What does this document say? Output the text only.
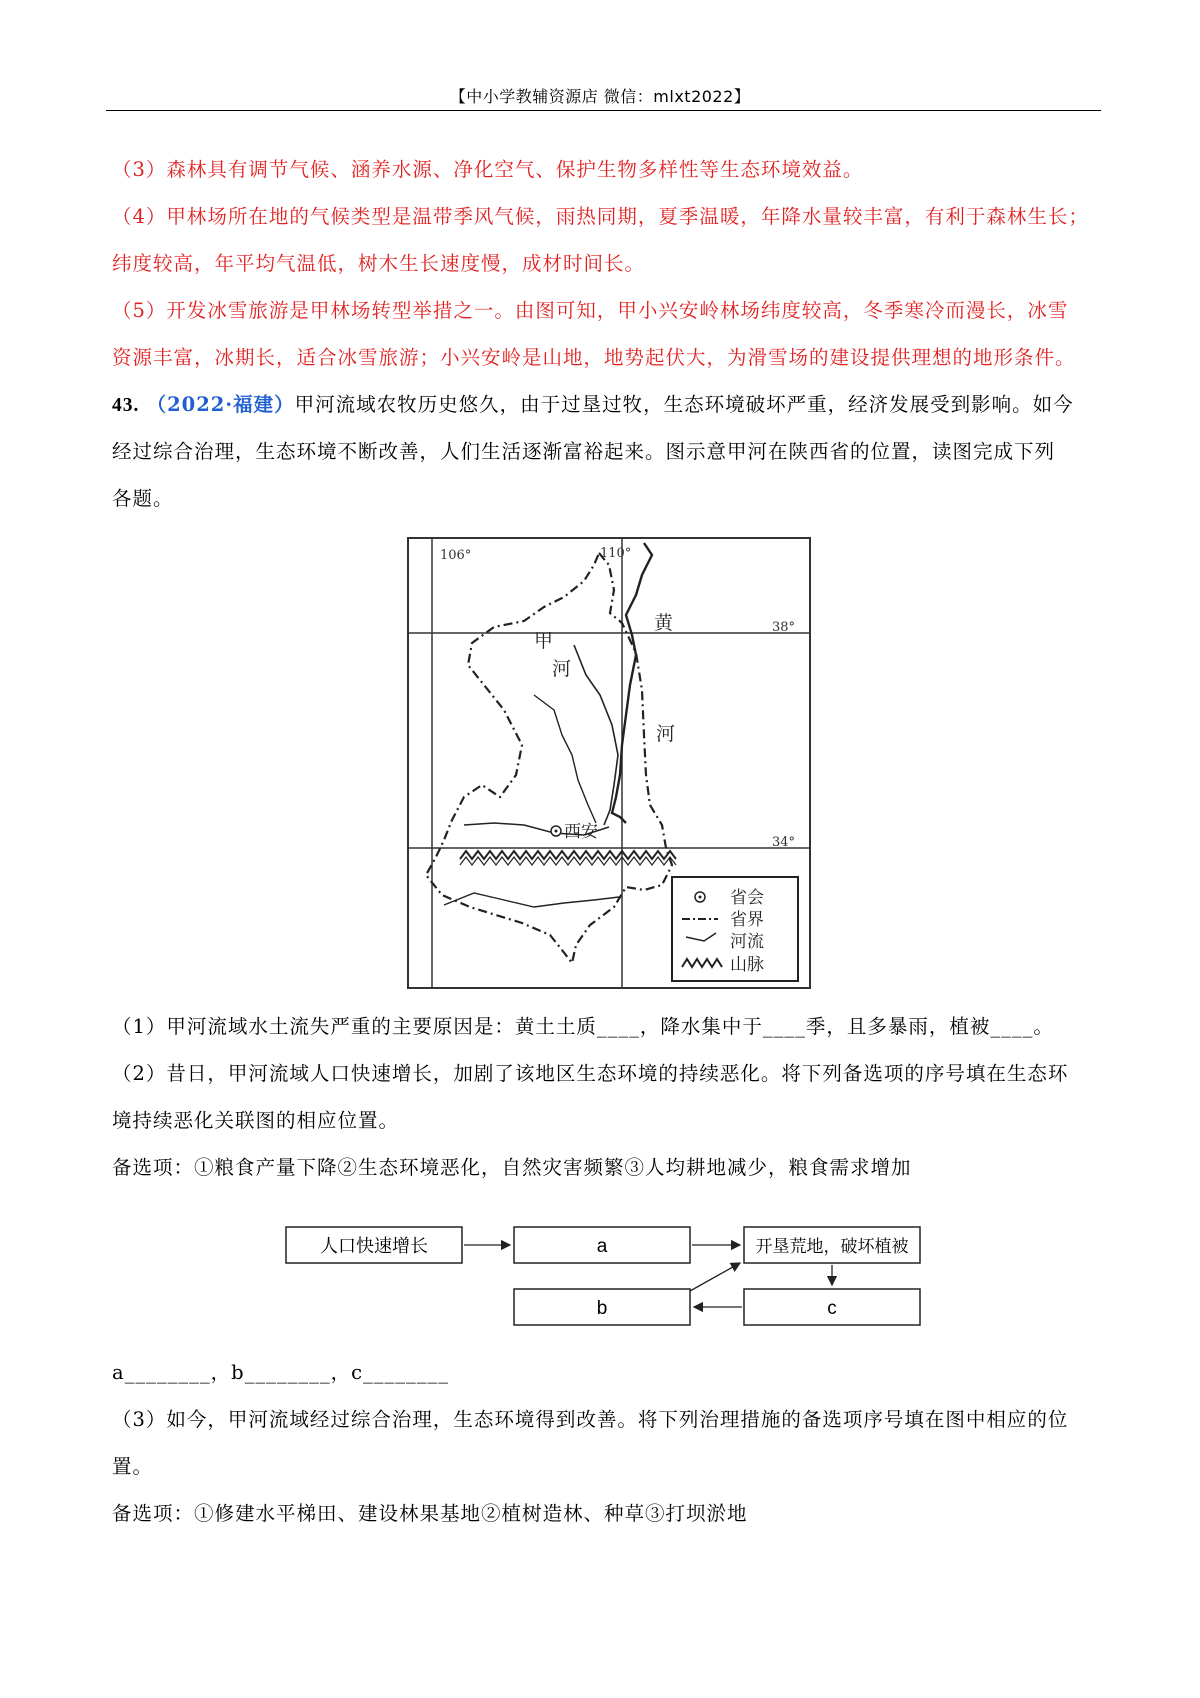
【中小学教辅资源店 微信：mlxt2022】
（3）森林具有调节气候、涵养水源、净化空气、保护生物多样性等生态环境效益。
（4）甲林场所在地的气候类型是温带季风气候，雨热同期，夏季温暖，年降水量较丰富，有利于森林生长；
纬度较高，年平均气温低，树木生长速度慢，成材时间长。
（5）开发冰雪旅游是甲林场转型举措之一。由图可知，甲小兴安岭林场纬度较高，冬季寒冷而漫长，冰雪
资源丰富，冰期长，适合冰雪旅游；小兴安岭是山地，地势起伏大，为滑雪场的建设提供理想的地形条件。
43. （2022·福建）甲河流域农牧历史悠久，由于过垦过牧，生态环境破坏严重，经济发展受到影响。如今
经过综合治理，生态环境不断改善，人们生活逐渐富裕起来。图示意甲河在陕西省的位置，读图完成下列
各题。
106°	110°
38°
34°
西安
甲
河
黄
河
省会
省界
河流
山脉
（1）甲河流域水土流失严重的主要原因是：黄土土质____，降水集中于____季，且多暴雨，植被____。
（2）昔日，甲河流域人口快速增长，加剧了该地区生态环境的持续恶化。将下列备选项的序号填在生态环
境持续恶化关联图的相应位置。
备选项：①粮食产量下降②生态环境恶化，自然灾害频繁③人均耕地减少，粮食需求增加
人口快速增长	a	开垦荒地，破坏植被
b	c
a________，b________，c________
（3）如今，甲河流域经过综合治理，生态环境得到改善。将下列治理措施的备选项序号填在图中相应的位
置。
备选项：①修建水平梯田、建设林果基地②植树造林、种草③打坝淤地
